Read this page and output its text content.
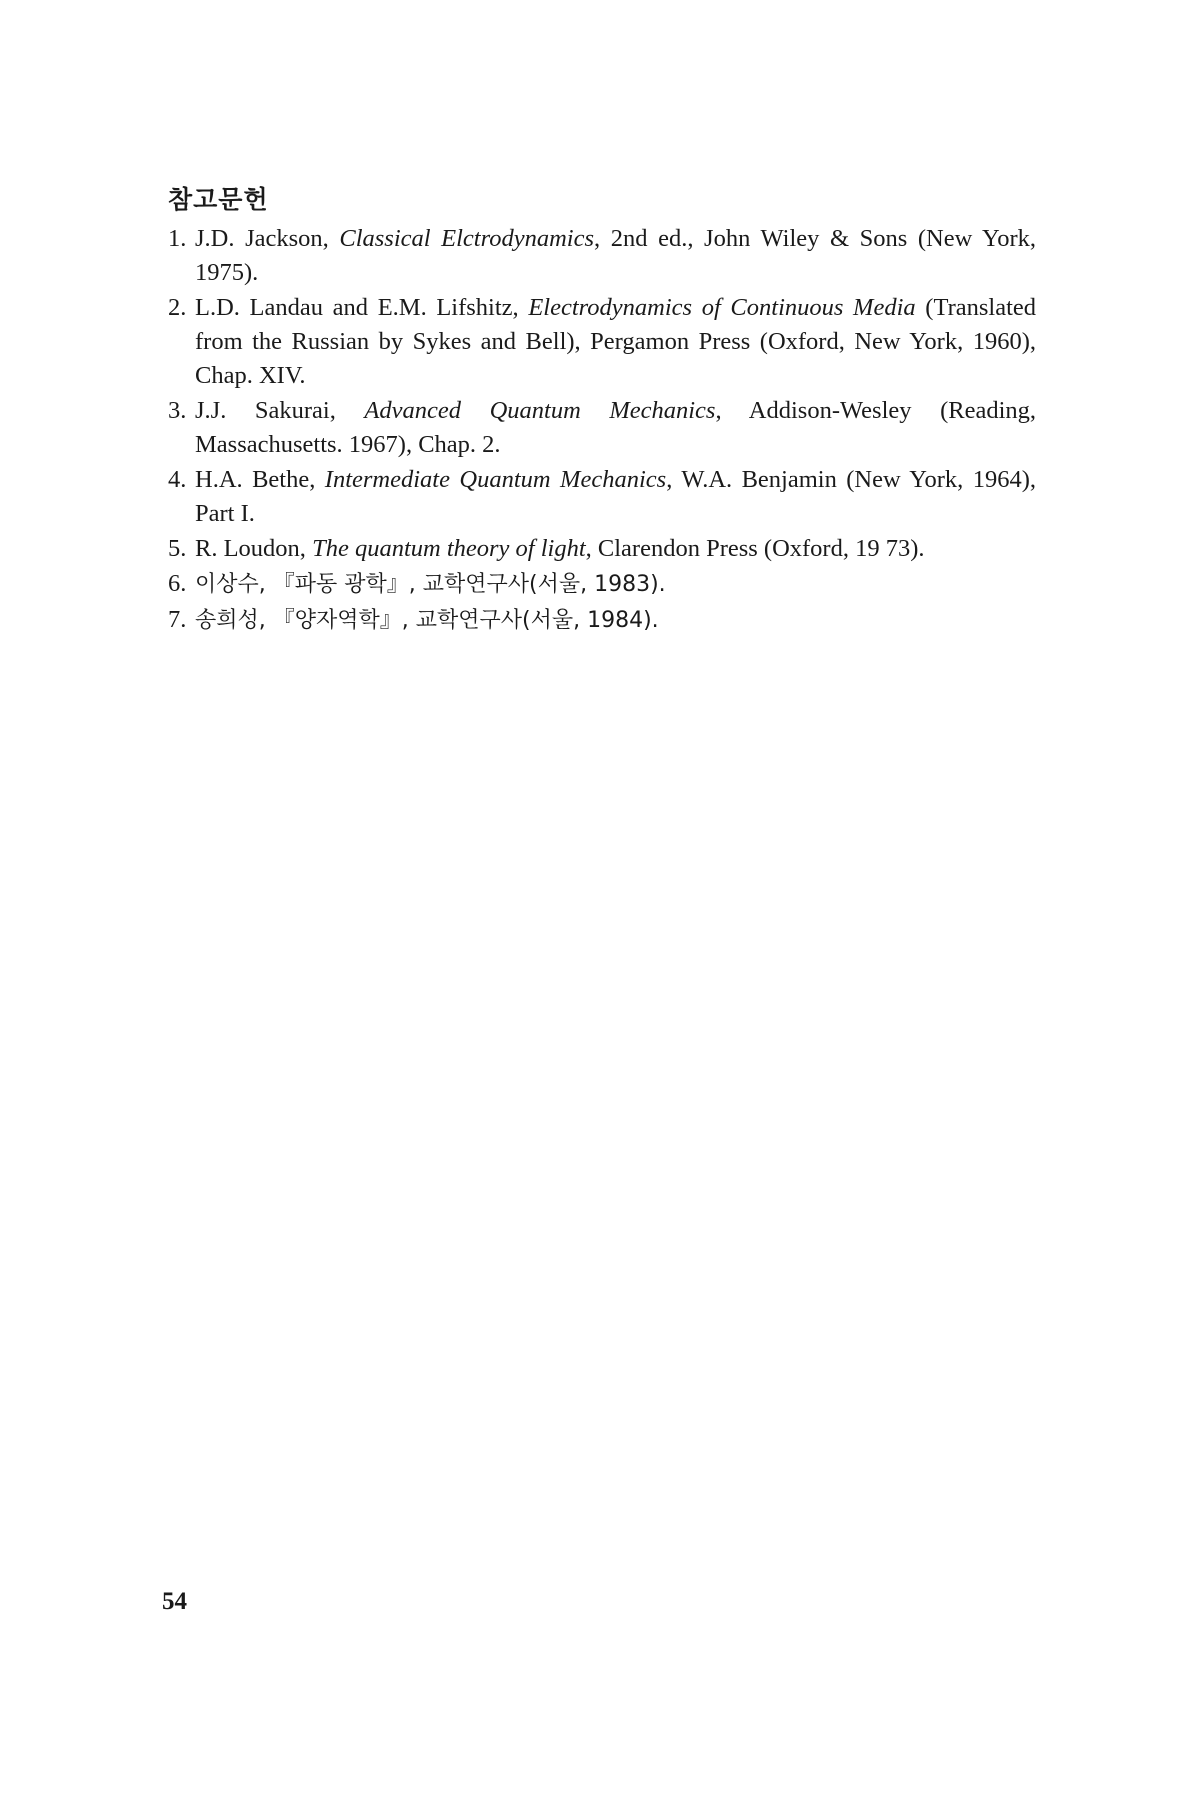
참고문헌
1. J.D. Jackson, Classical Elctrodynamics, 2nd ed., John Wiley & Sons (New York, 1975).
2. L.D. Landau and E.M. Lifshitz, Electrodynamics of Continuous Media (Translated from the Russian by Sykes and Bell), Pergamon Press (Oxford, New York, 1960), Chap. XIV.
3. J.J. Sakurai, Advanced Quantum Mechanics, Addison-Wesley (Reading, Massachusetts. 1967), Chap. 2.
4. H.A. Bethe, Intermediate Quantum Mechanics, W.A. Benjamin (New York, 1964), Part I.
5. R. Loudon, The quantum theory of light, Clarendon Press (Oxford, 19 73).
6. 이상수, 『파동 광학』, 교학연구사(서울, 1983).
7. 송희성, 『양자역학』, 교학연구사(서울, 1984).
54
